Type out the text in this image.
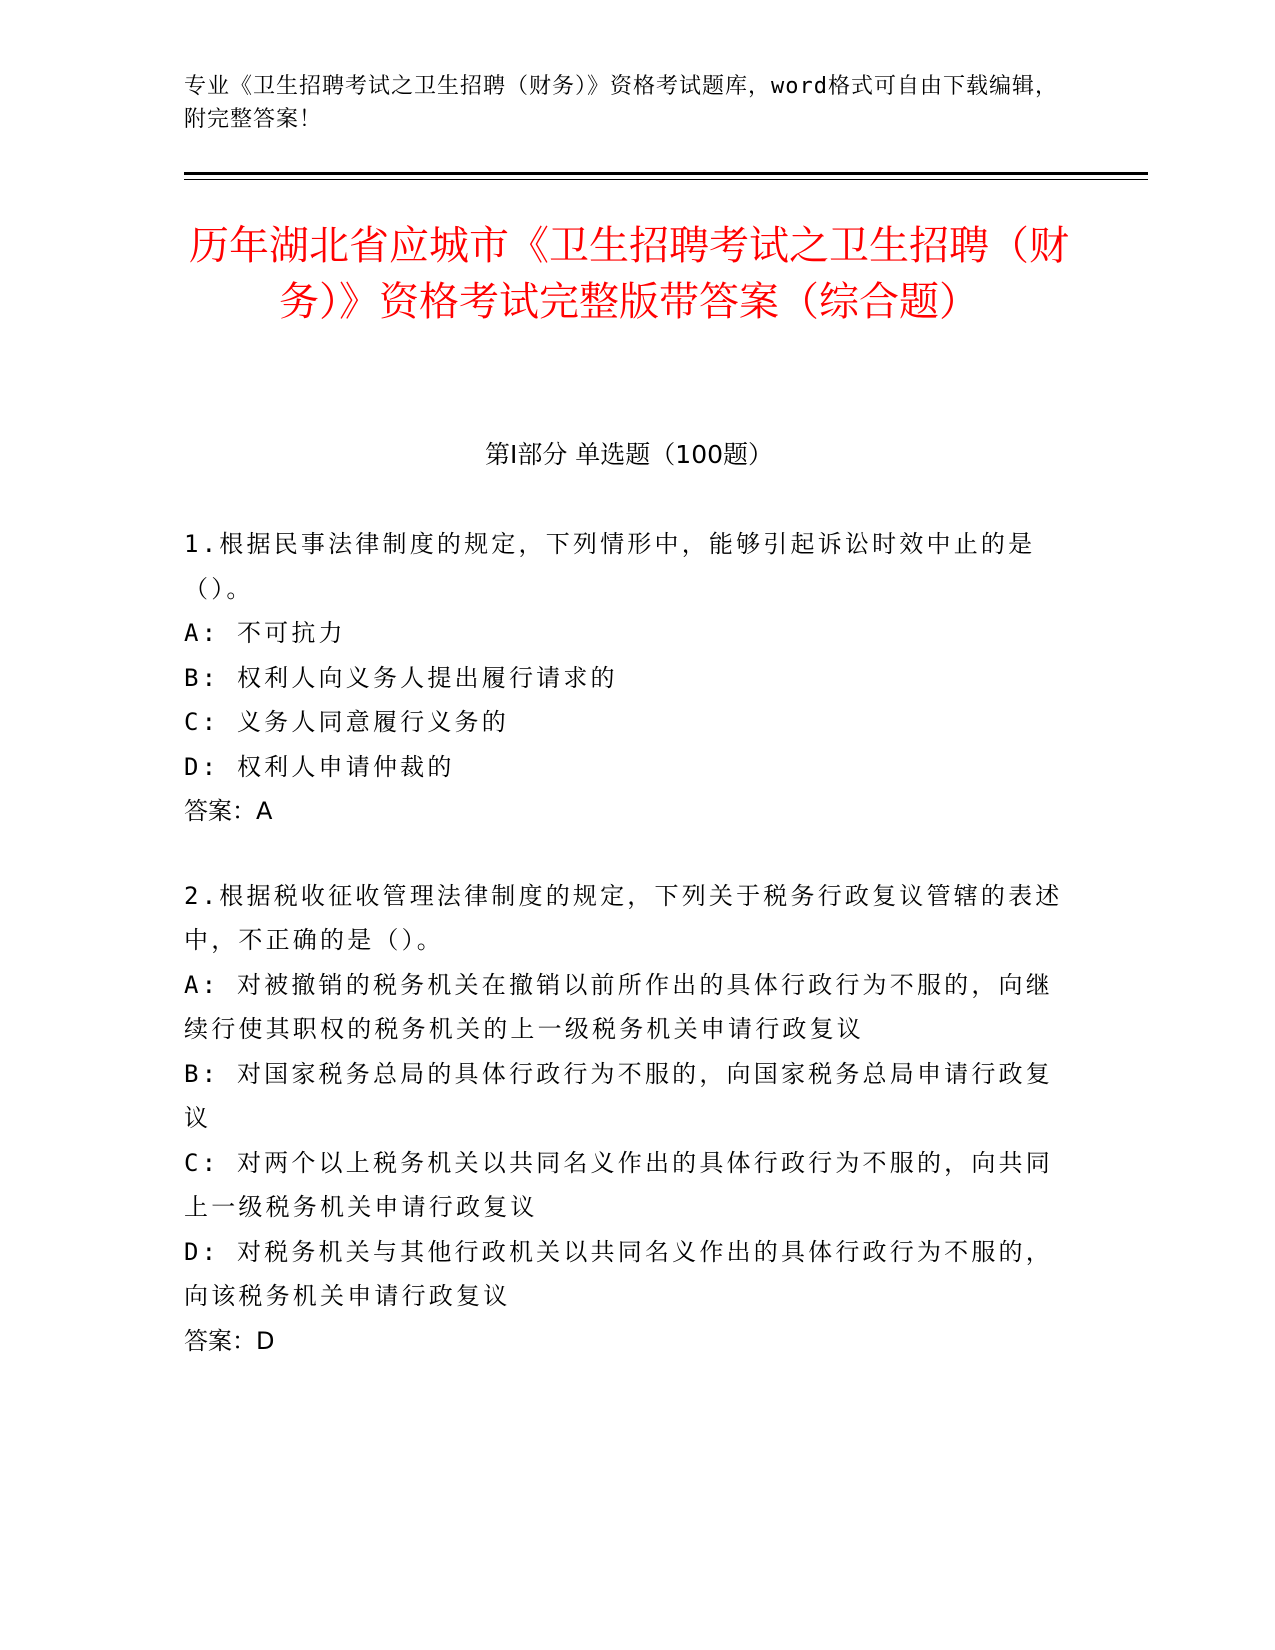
专业《卫生招聘考试之卫生招聘（财务）》资格考试题库，word格式可自由下载编辑，附完整答案！
历年湖北省应城市《卫生招聘考试之卫生招聘（财务）》资格考试完整版带答案（综合题）
第I部分 单选题（100题）

1.根据民事法律制度的规定，下列情形中，能够引起诉讼时效中止的是（）。

A: 不可抗力

B: 权利人向义务人提出履行请求的

C: 义务人同意履行义务的

D: 权利人申请仲裁的

答案：A

2.根据税收征收管理法律制度的规定，下列关于税务行政复议管辖的表述中，不正确的是（）。

A: 对被撤销的税务机关在撤销以前所作出的具体行政行为不服的，向继续行使其职权的税务机关的上一级税务机关申请行政复议

B: 对国家税务总局的具体行政行为不服的，向国家税务总局申请行政复议

C: 对两个以上税务机关以共同名义作出的具体行政行为不服的，向共同上一级税务机关申请行政复议

D: 对税务机关与其他行政机关以共同名义作出的具体行政行为不服的，向该税务机关申请行政复议

答案：D
